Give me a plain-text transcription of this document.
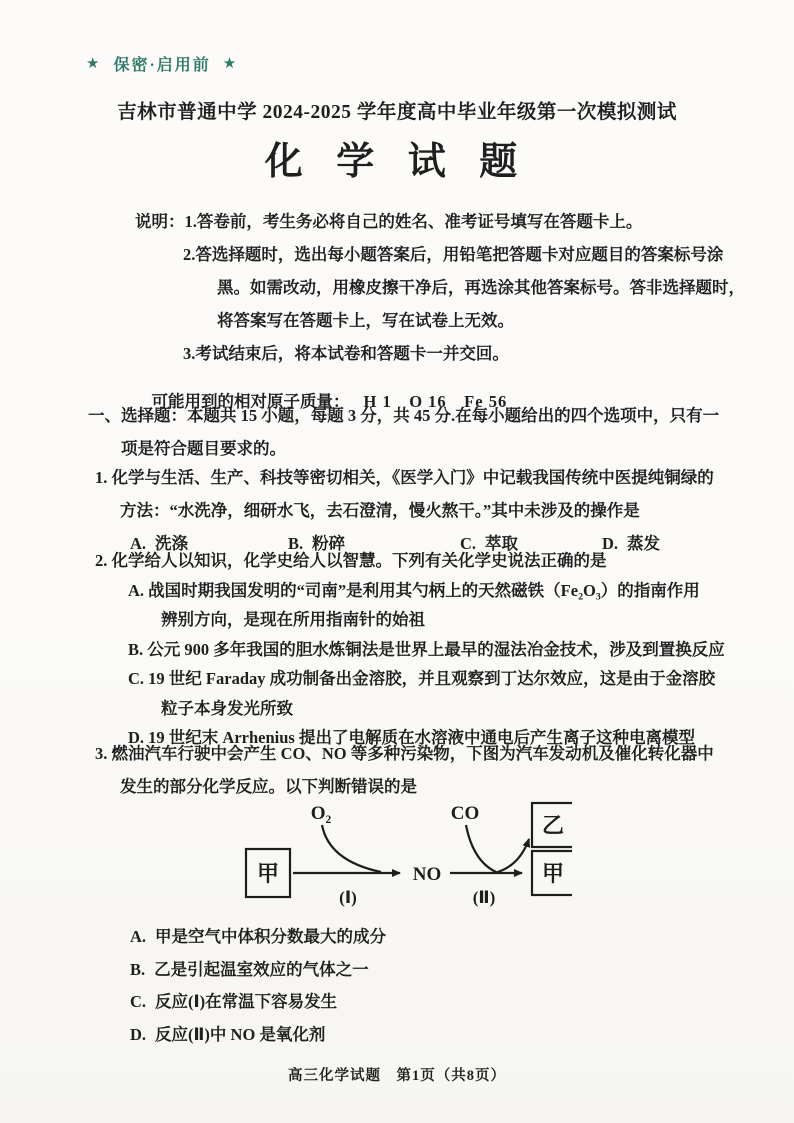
★ 保密·启用前 ★
吉林市普通中学 2024-2025 学年度高中毕业年级第一次模拟测试
化 学 试 题
说明：1.答卷前，考生务必将自己的姓名、准考证号填写在答题卡上。
2.答选择题时，选出每小题答案后，用铅笔把答题卡对应题目的答案标号涂
黑。如需改动，用橡皮擦干净后，再选涂其他答案标号。答非选择题时，
将答案写在答题卡上，写在试卷上无效。
3.考试结束后，将本试卷和答题卡一并交回。

可能用到的相对原子质量： H 1　O 16　Fe 56

一、选择题：本题共 15 小题，每题 3 分，共 45 分.在每小题给出的四个选项中，只有一
项是符合题目要求的。
1. 化学与生活、生产、科技等密切相关，《医学入门》中记载我国传统中医提纯铜绿的
方法：“水洗净，细研水飞，去石澄清，慢火熬干。”其中未涉及的操作是
A. 洗涤	B. 粉碎	C. 萃取	D. 蒸发
2. 化学给人以知识，化学史给人以智慧。下列有关化学史说法正确的是
A. 战国时期我国发明的“司南”是利用其勺柄上的天然磁铁（Fe₂O₃）的指南作用
辨别方向，是现在所用指南针的始祖
B. 公元 900 多年我国的胆水炼铜法是世界上最早的湿法冶金技术，涉及到置换反应
C. 19 世纪 Faraday 成功制备出金溶胶，并且观察到丁达尔效应，这是由于金溶胶
粒子本身发光所致
D. 19 世纪末 Arrhenius 提出了电解质在水溶液中通电后产生离子这种电离模型
3. 燃油汽车行驶中会产生 CO、NO 等多种污染物，下图为汽车发动机及催化转化器中
发生的部分化学反应。以下判断错误的是
甲
O₂
(Ⅰ)
NO
CO
(Ⅱ)
乙
甲
A. 甲是空气中体积分数最大的成分
B. 乙是引起温室效应的气体之一
C. 反应(Ⅰ)在常温下容易发生
D. 反应(Ⅱ)中 NO 是氧化剂
高三化学试题　第1页（共8页）
